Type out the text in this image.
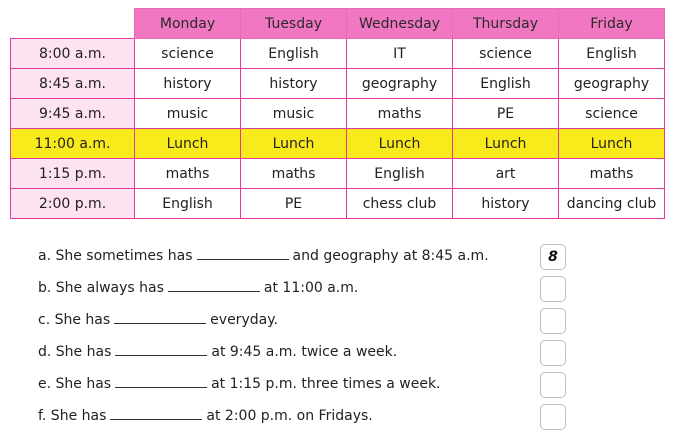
	Monday	Tuesday	Wednesday	Thursday	Friday
8:00 a.m.	science	English	IT	science	English
8:45 a.m.	history	history	geography	English	geography
9:45 a.m.	music	music	maths	PE	science
11:00 a.m.	Lunch	Lunch	Lunch	Lunch	Lunch
1:15 p.m.	maths	maths	English	art	maths
2:00 p.m.	English	PE	chess club	history	dancing club
a. She sometimes has	and geography at 8:45 a.m.	8
b. She always has	at 11:00 a.m.
c. She has	everyday.
d. She has	at 9:45 a.m. twice a week.
e. She has	at 1:15 p.m. three times a week.
f. She has	at 2:00 p.m. on Fridays.
